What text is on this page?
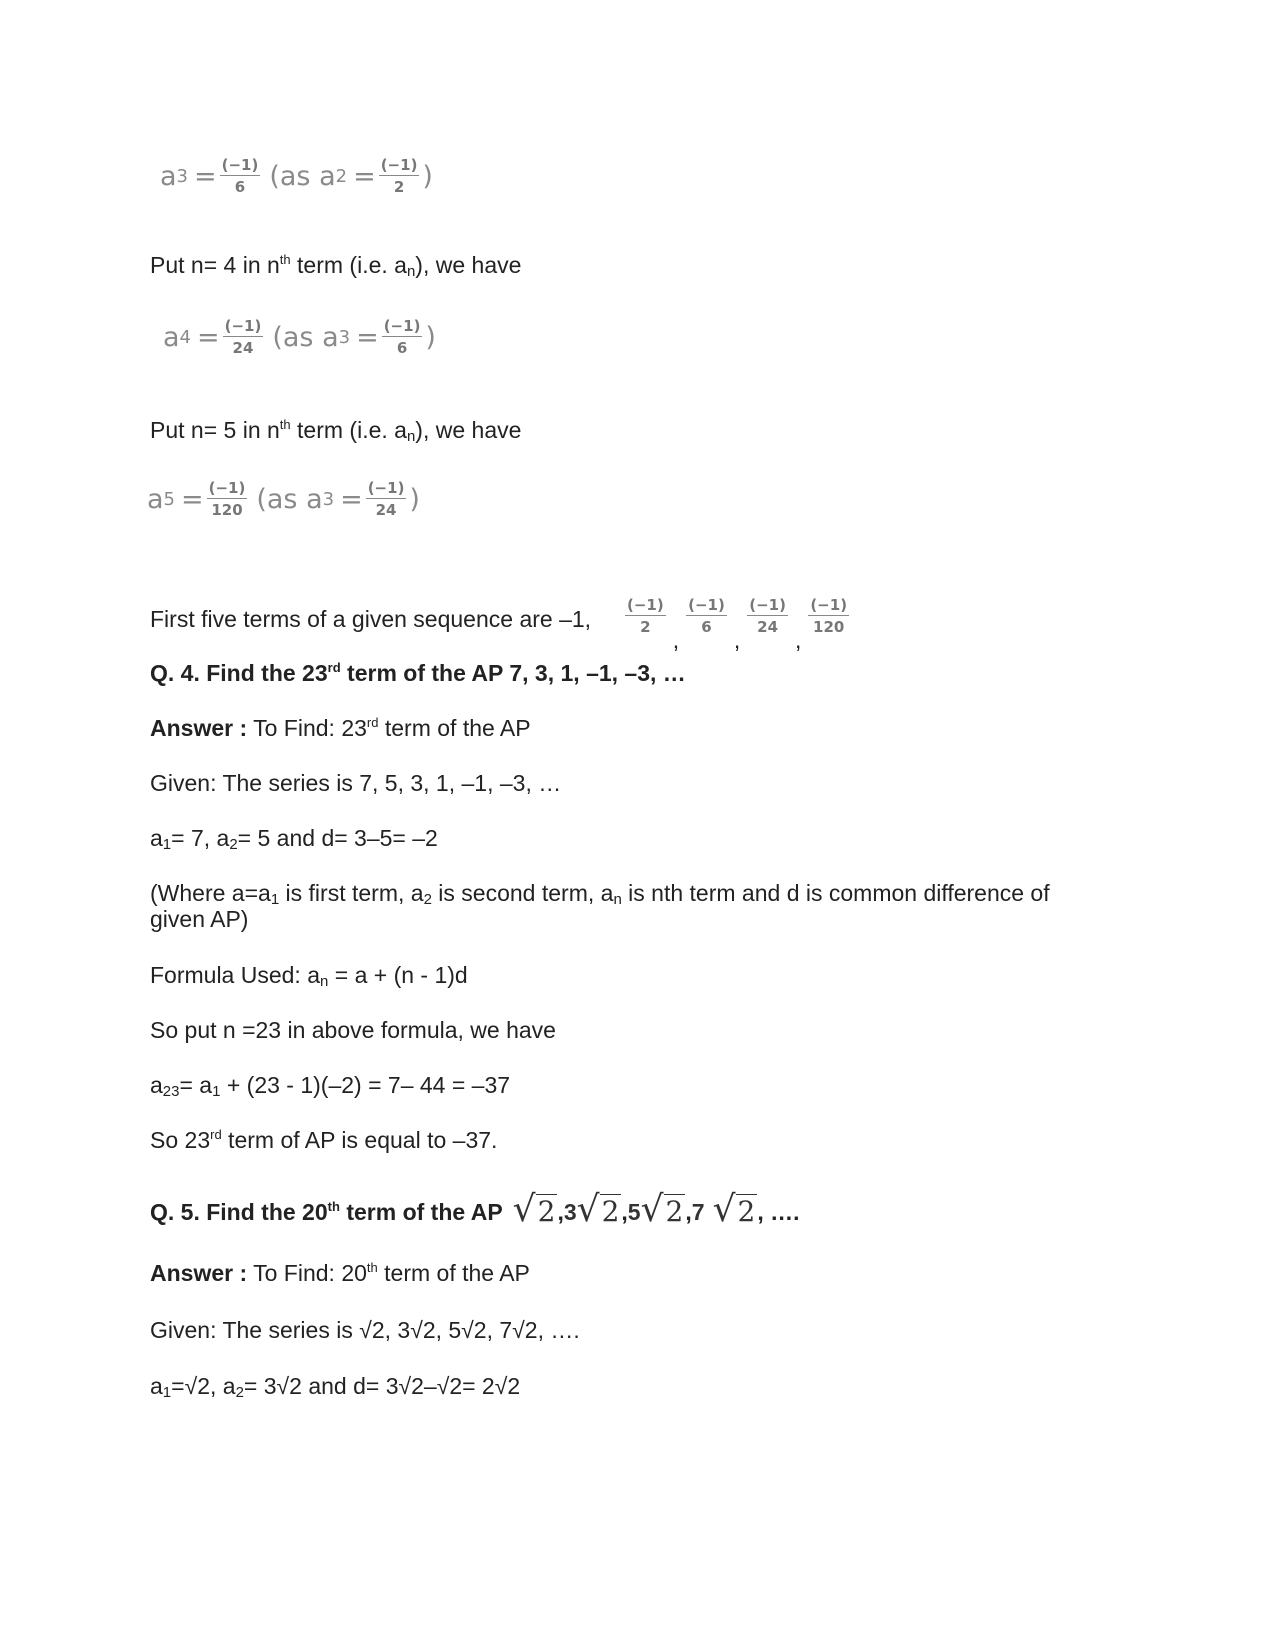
a $3 = \frac{(-1)}{6} (as$ a $2 = \frac{(-1)}{2}$ )
Put n= 4 in $n^{th}$ term (i.e. $a_n$), we have
a $4 = \frac{(-1)}{24} (as$ a $3 = \frac{(-1)}{6}$ )
Put n= 5 in $n^{th}$ term (i.e. $a_n$), we have
a $5 = \frac{(-1)}{120} (as$ a $3 = \frac{(-1)}{24}$ )
First five terms of a given sequence are –1, $\frac{(-1)}{2}$
,
$\frac{(-1)}{6}$
,
$\frac{(-1)}{24}$
,
$\frac{(-1)}{120}$
Q. 4. Find the 23rd term of the AP 7, 3, 1, –1, –3, …
Answer : To Find: 23rd term of the AP
Given: The series is 7, 5, 3, 1, –1, –3, …
$a_1= 7$, $a_2= 5$ and d= 3–5= –2
(Where $a=a_1$ is first term, $a_2$ is second term, $a_n$ is nth term and d is common difference of given AP)
Formula Used: $a_n = a + (n - 1)d$
So put n =23 in above formula, we have
$a_{23}= a_1 + (23 - 1)(-2) = 7-$ 44 = –37
So 23rd term of AP is equal to –37.
Q. 5. Find the 20th term of the AP √2 , 3 √2 , 5 √2 , 7 √2 , ….
Answer : To Find: 20th term of the AP
Given: The series is √2, 3√2, 5√2, 7√2, ….
$a_1=√2$, $a_2= 3√2$ and d= 3√2–√2= 2√2
